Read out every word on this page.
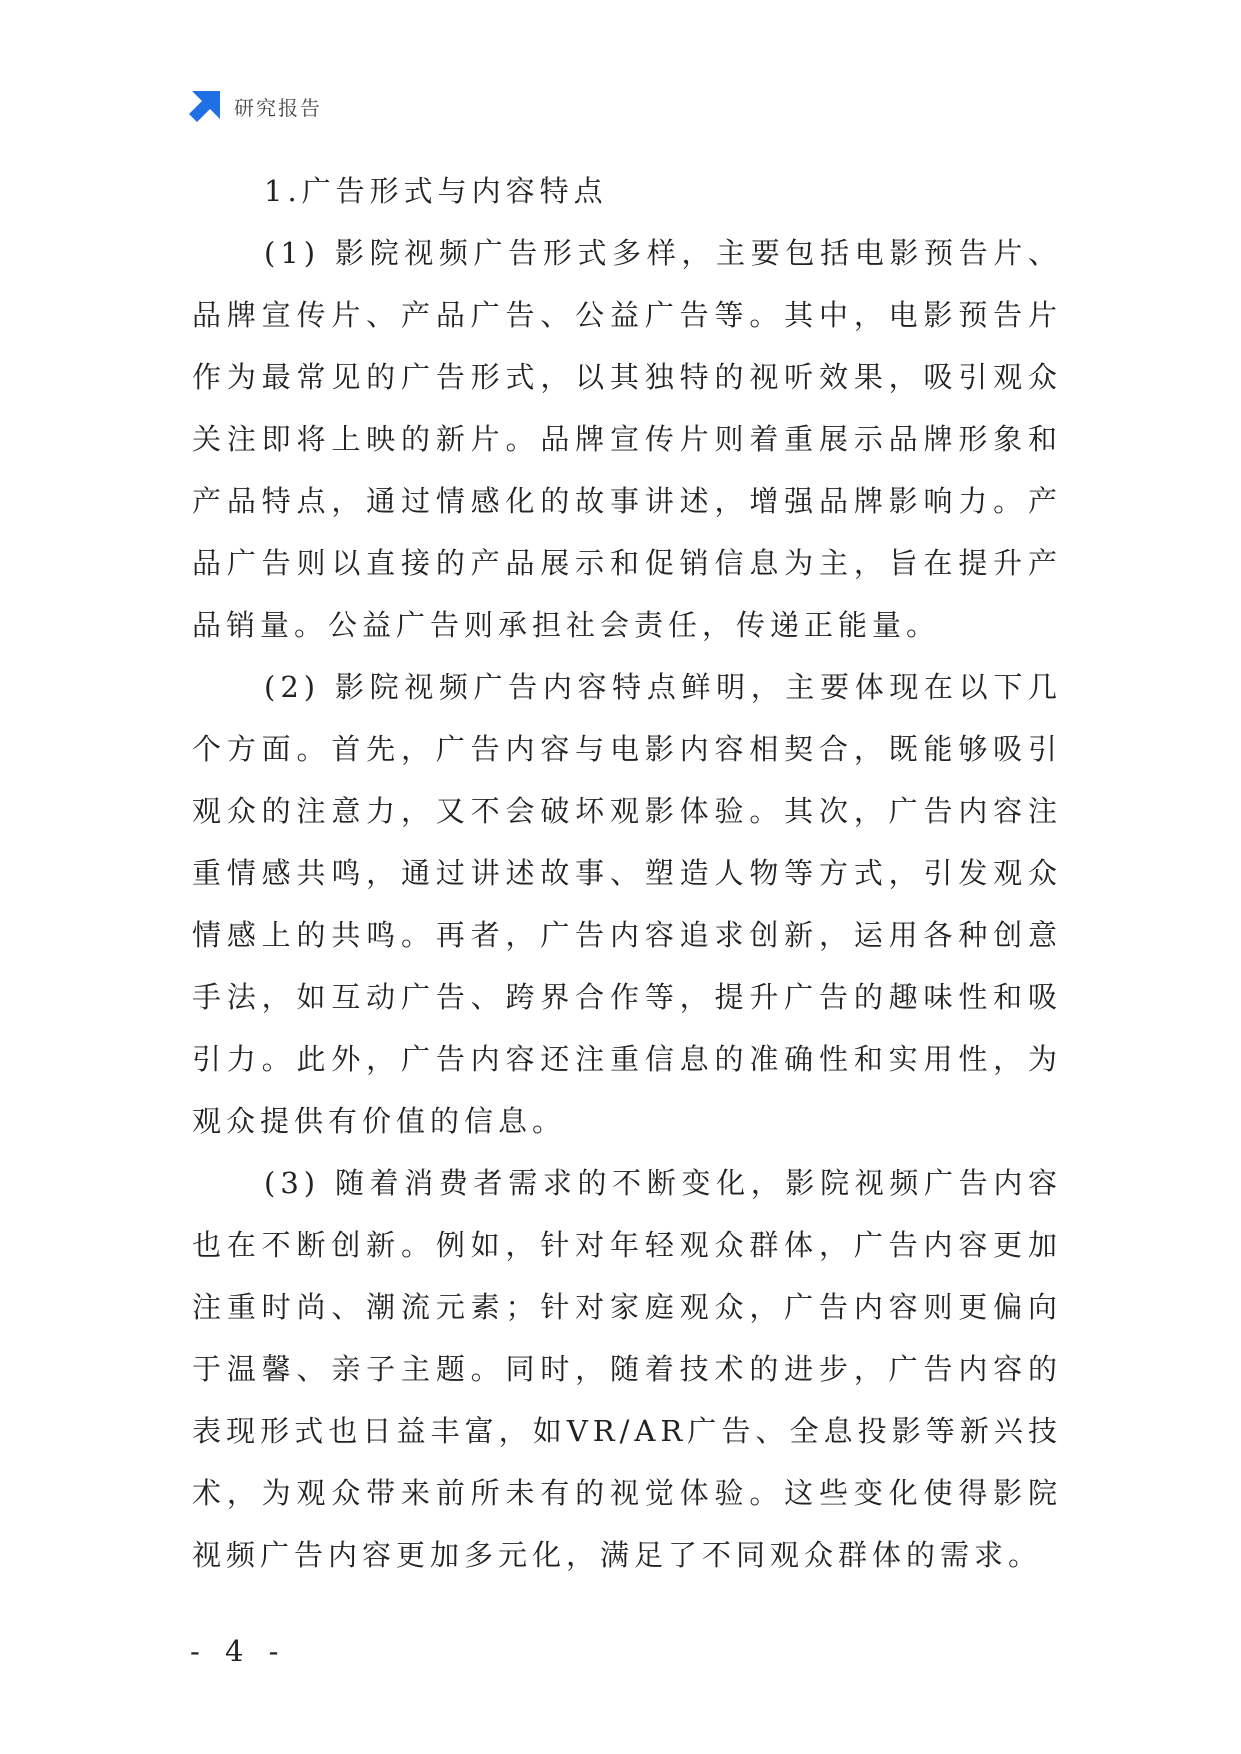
研究报告
1.广告形式与内容特点

(1) 影院视频广告形式多样，主要包括电影预告片、品牌宣传片、产品广告、公益广告等。其中，电影预告片作为最常见的广告形式，以其独特的视听效果，吸引观众关注即将上映的新片。品牌宣传片则着重展示品牌形象和产品特点，通过情感化的故事讲述，增强品牌影响力。产品广告则以直接的产品展示和促销信息为主，旨在提升产品销量。公益广告则承担社会责任，传递正能量。

(2) 影院视频广告内容特点鲜明，主要体现在以下几个方面。首先，广告内容与电影内容相契合，既能够吸引观众的注意力，又不会破坏观影体验。其次，广告内容注重情感共鸣，通过讲述故事、塑造人物等方式，引发观众情感上的共鸣。再者，广告内容追求创新，运用各种创意手法，如互动广告、跨界合作等，提升广告的趣味性和吸引力。此外，广告内容还注重信息的准确性和实用性，为观众提供有价值的信息。

(3) 随着消费者需求的不断变化，影院视频广告内容也在不断创新。例如，针对年轻观众群体，广告内容更加注重时尚、潮流元素；针对家庭观众，广告内容则更偏向于温馨、亲子主题。同时，随着技术的进步，广告内容的表现形式也日益丰富，如VR/AR广告、全息投影等新兴技术，为观众带来前所未有的视觉体验。这些变化使得影院视频广告内容更加多元化，满足了不同观众群体的需求。

- 4 -
